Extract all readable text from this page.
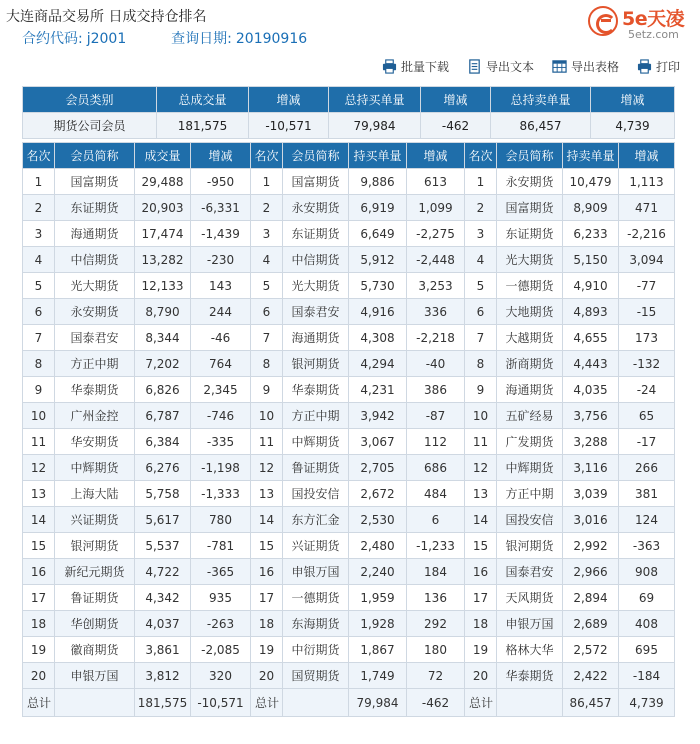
大连商品交易所 日成交持仓排名
合约代码: j2001	查询日期: 20190916
5e天凌
5etz.com
批量下载	导出文本	导出表格	打印
会员类别	总成交量	增减	总持买单量	增减	总持卖单量	增减
期货公司会员	181,575	-10,571	79,984	-462	86,457	4,739
名次	会员简称	成交量	增减	名次	会员简称	持买单量	增减	名次	会员简称	持卖单量	增减
1	国富期货	29,488	-950	1	国富期货	9,886	613	1	永安期货	10,479	1,113
2	东证期货	20,903	-6,331	2	永安期货	6,919	1,099	2	国富期货	8,909	471
3	海通期货	17,474	-1,439	3	东证期货	6,649	-2,275	3	东证期货	6,233	-2,216
4	中信期货	13,282	-230	4	中信期货	5,912	-2,448	4	光大期货	5,150	3,094
5	光大期货	12,133	143	5	光大期货	5,730	3,253	5	一德期货	4,910	-77
6	永安期货	8,790	244	6	国泰君安	4,916	336	6	大地期货	4,893	-15
7	国泰君安	8,344	-46	7	海通期货	4,308	-2,218	7	大越期货	4,655	173
8	方正中期	7,202	764	8	银河期货	4,294	-40	8	浙商期货	4,443	-132
9	华泰期货	6,826	2,345	9	华泰期货	4,231	386	9	海通期货	4,035	-24
10	广州金控	6,787	-746	10	方正中期	3,942	-87	10	五矿经易	3,756	65
11	华安期货	6,384	-335	11	中辉期货	3,067	112	11	广发期货	3,288	-17
12	中辉期货	6,276	-1,198	12	鲁证期货	2,705	686	12	中辉期货	3,116	266
13	上海大陆	5,758	-1,333	13	国投安信	2,672	484	13	方正中期	3,039	381
14	兴证期货	5,617	780	14	东方汇金	2,530	6	14	国投安信	3,016	124
15	银河期货	5,537	-781	15	兴证期货	2,480	-1,233	15	银河期货	2,992	-363
16	新纪元期货	4,722	-365	16	申银万国	2,240	184	16	国泰君安	2,966	908
17	鲁证期货	4,342	935	17	一德期货	1,959	136	17	天风期货	2,894	69
18	华创期货	4,037	-263	18	东海期货	1,928	292	18	申银万国	2,689	408
19	徽商期货	3,861	-2,085	19	中衍期货	1,867	180	19	格林大华	2,572	695
20	申银万国	3,812	320	20	国贸期货	1,749	72	20	华泰期货	2,422	-184
总计		181,575	-10,571	总计		79,984	-462	总计		86,457	4,739
